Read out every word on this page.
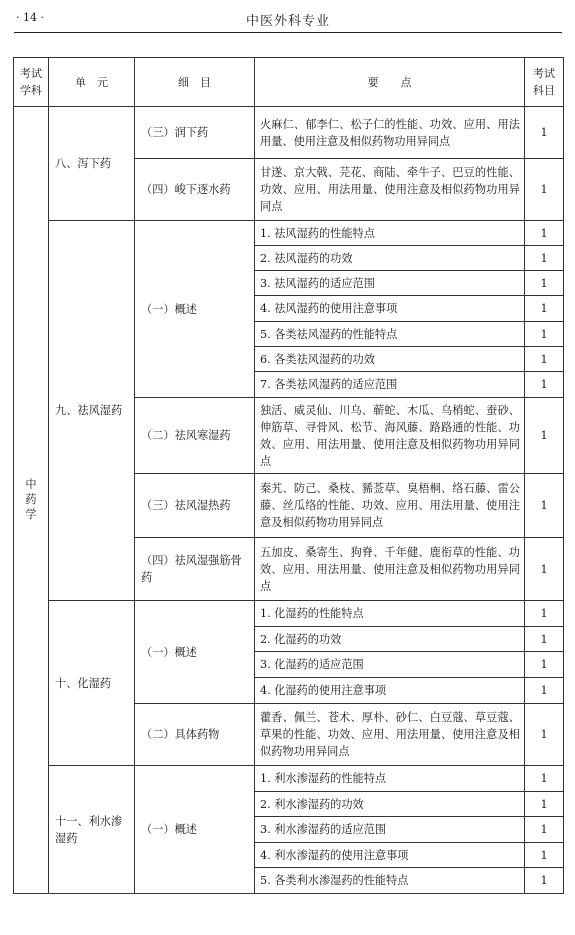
· 14 ·	中医外科专业
考试学科	单　元	细　目	要　　点	考试科目
中药学	八、泻下药	（三）润下药	火麻仁、郁李仁、松子仁的性能、功效、应用、用法用量、使用注意及相似药物功用异同点	1
		（四）峻下逐水药	甘遂、京大戟、芫花、商陆、牵牛子、巴豆的性能、功效、应用、用法用量、使用注意及相似药物功用异同点	1
	九、祛风湿药	（一）概述	1. 祛风湿药的性能特点	1
			2. 祛风湿药的功效	1
			3. 祛风湿药的适应范围	1
			4. 祛风湿药的使用注意事项	1
			5. 各类祛风湿药的性能特点	1
			6. 各类祛风湿药的功效	1
			7. 各类祛风湿药的适应范围	1
		（二）祛风寒湿药	独活、威灵仙、川乌、蕲蛇、木瓜、乌梢蛇、蚕砂、伸筋草、寻骨风、松节、海风藤、路路通的性能、功效、应用、用法用量、使用注意及相似药物功用异同点	1
		（三）祛风湿热药	秦艽、防己、桑枝、豨莶草、臭梧桐、络石藤、雷公藤、丝瓜络的性能、功效、应用、用法用量、使用注意及相似药物功用异同点	1
		（四）祛风湿强筋骨药	五加皮、桑寄生、狗脊、千年健、鹿衔草的性能、功效、应用、用法用量、使用注意及相似药物功用异同点	1
	十、化湿药	（一）概述	1. 化湿药的性能特点	1
			2. 化湿药的功效	1
			3. 化湿药的适应范围	1
			4. 化湿药的使用注意事项	1
		（二）具体药物	藿香、佩兰、苍术、厚朴、砂仁、白豆蔻、草豆蔻、草果的性能、功效、应用、用法用量、使用注意及相似药物功用异同点	1
	十一、利水渗湿药	（一）概述	1. 利水渗湿药的性能特点	1
			2. 利水渗湿药的功效	1
			3. 利水渗湿药的适应范围	1
			4. 利水渗湿药的使用注意事项	1
			5. 各类利水渗湿药的性能特点	1
